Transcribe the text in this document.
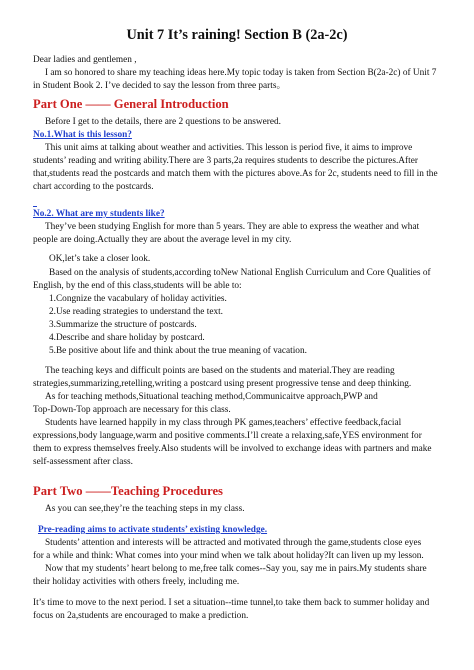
Unit 7 It’s raining! Section B (2a-2c)
Dear ladies and gentlemen ,
I am so honored to share my teaching ideas here.My topic today is taken from Section B(2a-2c) of Unit 7
in Student Book 2. I’ve decided to say the lesson from three parts。
Part One —— General Introduction
Before I get to the details, there are 2 questions to be answered.
No.1.What is this lesson?
This unit aims at talking about weather and activities. This lesson is period five, it aims to improve
students’ reading and writing ability.There are 3 parts,2a requires students to describe the pictures.After
that,students read the postcards and match them with the pictures above.As for 2c, students need to fill in the
chart according to the postcards.
No.2. What are my students like?
They’ve been studying English for more than 5 years. They are able to express the weather and what
people are doing.Actually they are about the average level in my city.
OK,let’s take a closer look.
Based on the analysis of students,according toNew National English Curriculum and Core Qualities of
English, by the end of this class,students will be able to:
1.Congnize the vacabulary of holiday activities.
2.Use reading strategies to understand the text.
3.Summarize the structure of postcards.
4.Describe and share holiday by postcard.
5.Be positive about life and think about the true meaning of vacation.
The teaching keys and difficult points are based on the students and material.They are reading
strategies,summarizing,retelling,writing a postcard using present progressive tense and deep thinking.
As for teaching methods,Situational teaching method,Communicaitve approach,PWP and
Top-Down-Top approach are necessary for this class.
Students have learned happily in my class through PK games,teachers’ effective feedback,facial
expressions,body language,warm and positive comments.I’ll create a relaxing,safe,YES environment for
them to express themselves freely.Also students will be involved to exchange ideas with partners and make
self-assessment after class.
Part Two ——Teaching Procedures
As you can see,they’re the teaching steps in my class.
Pre-reading aims to activate students’ existing knowledge.
Students’ attention and interests will be attracted and motivated through the game,students close eyes
for a while and think: What comes into your mind when we talk about holiday?It can liven up my lesson.
Now that my students’ heart belong to me,free talk comes--Say you, say me in pairs.My students share
their holiday activities with others freely, including me.
It’s time to move to the next period. I set a situation--time tunnel,to take them back to summer holiday and
focus on 2a,students are encouraged to make a prediction.
